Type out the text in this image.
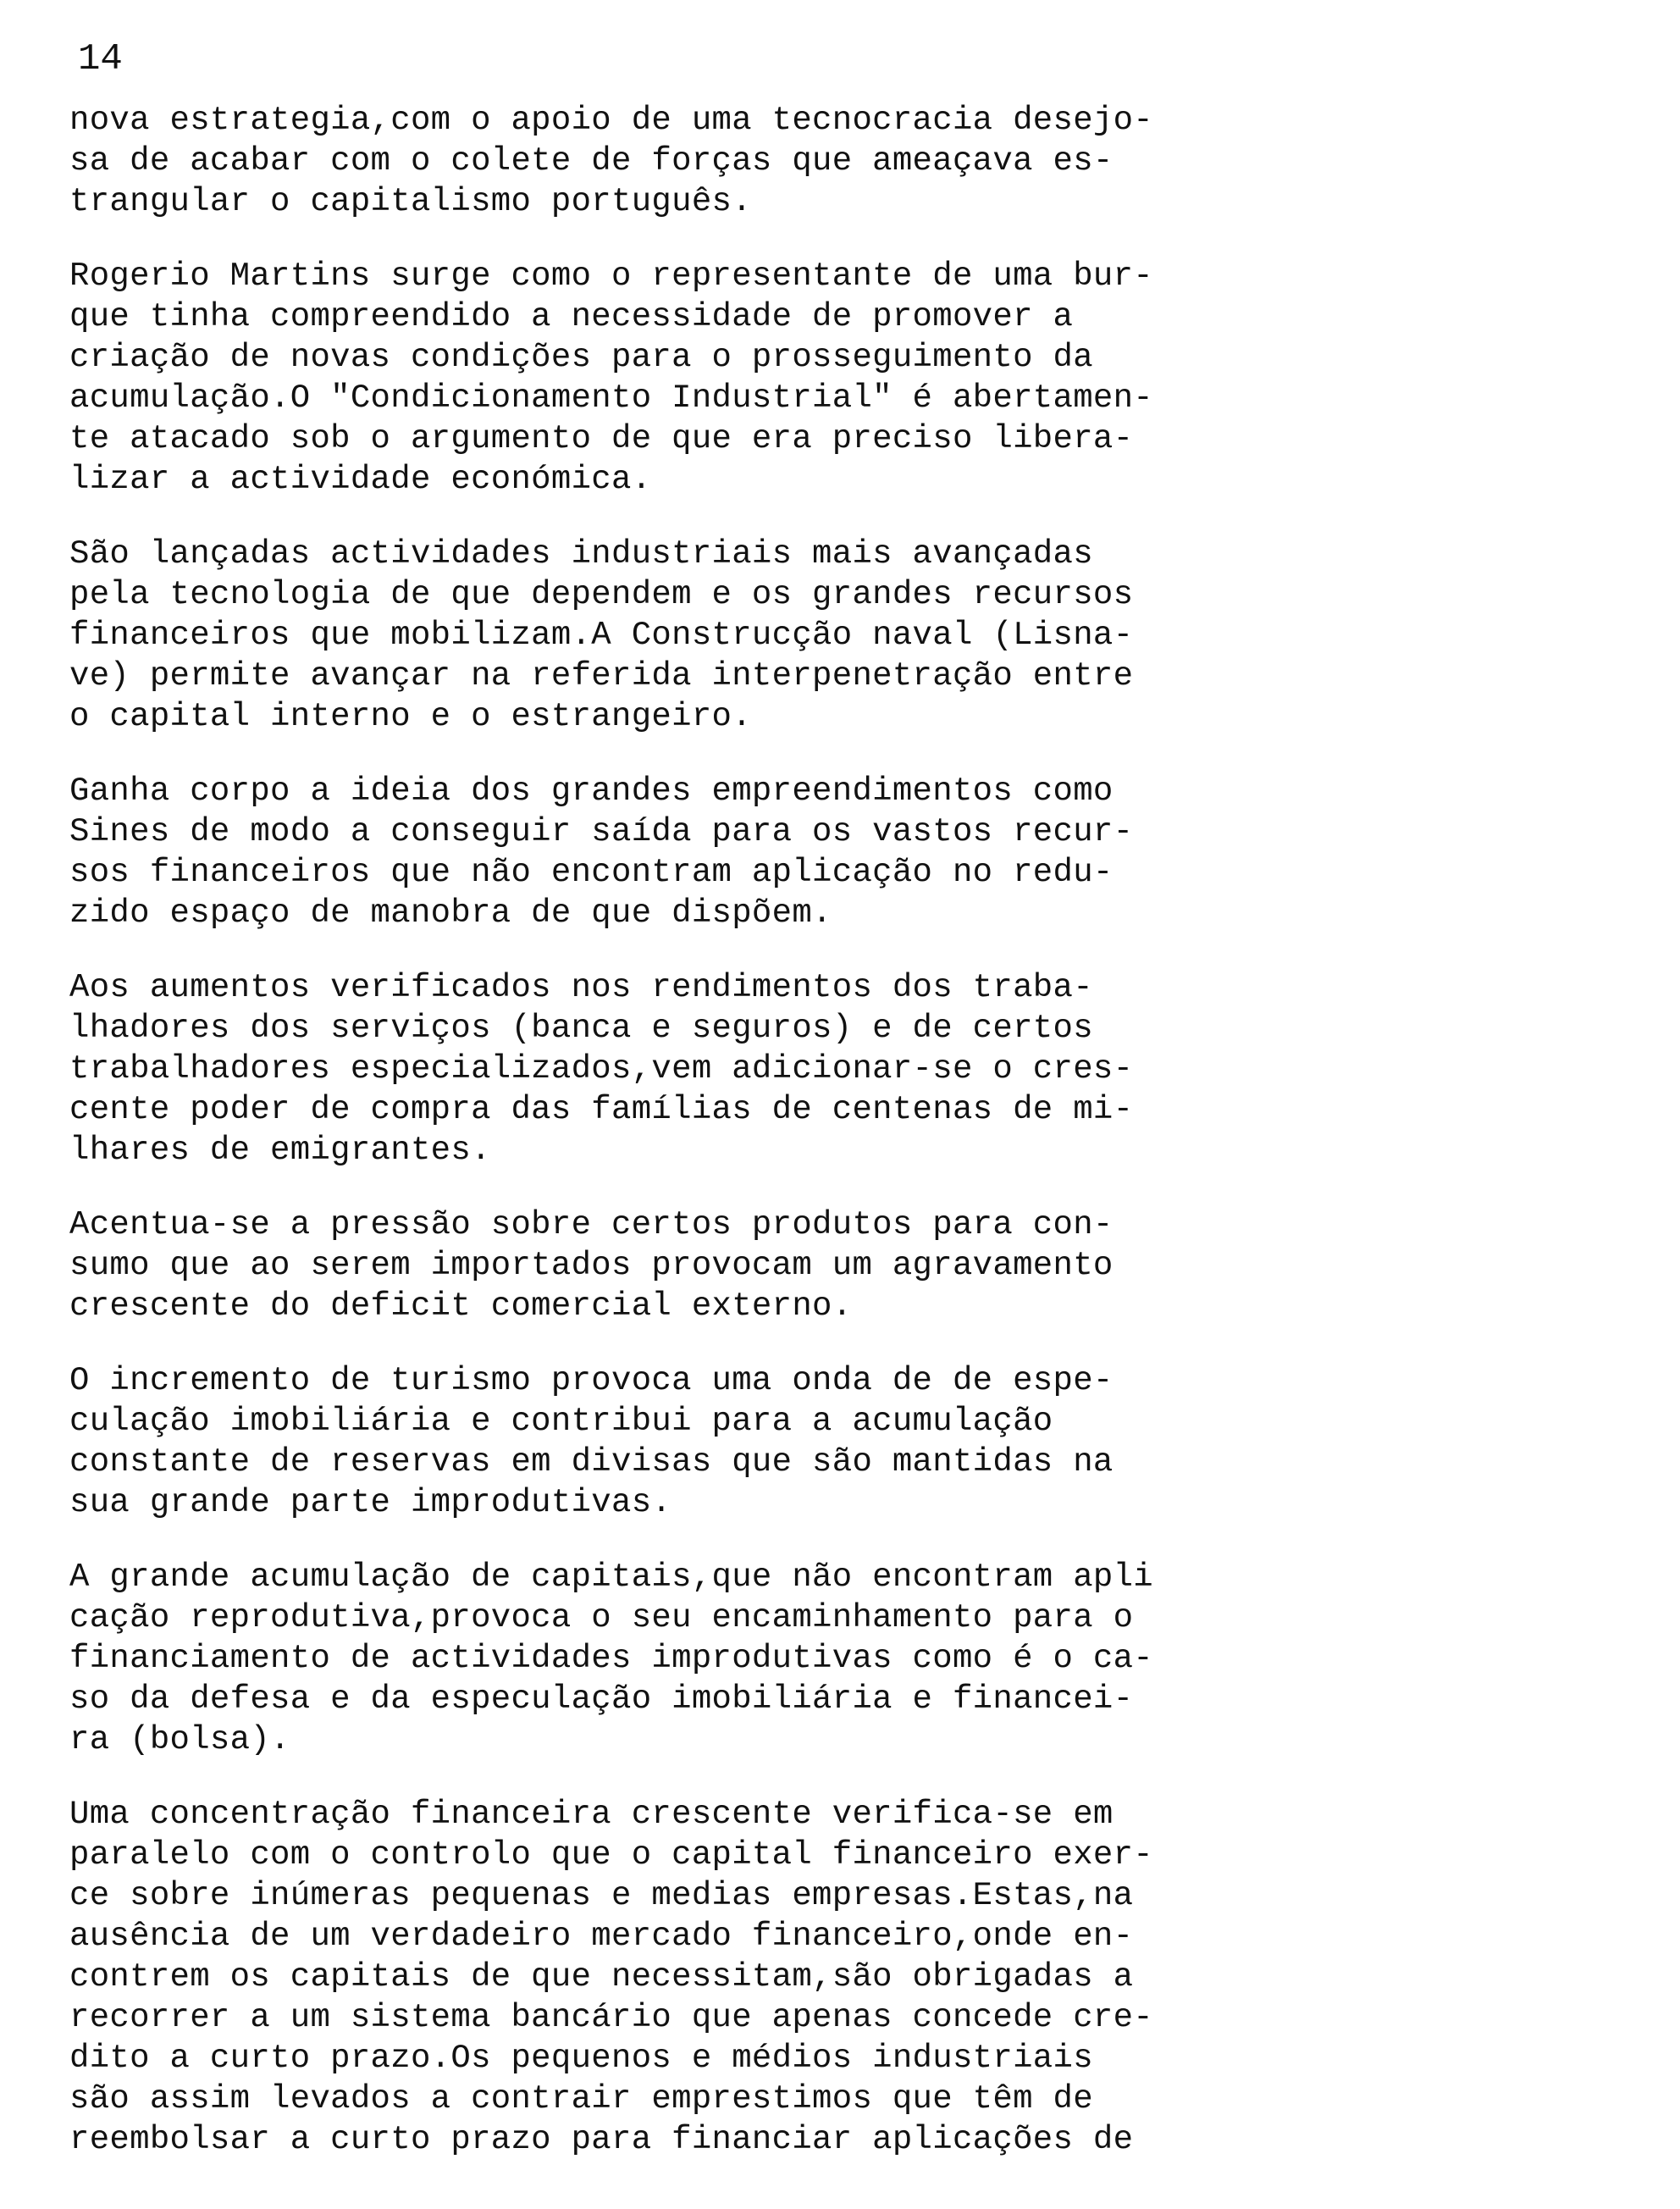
14

nova estrategia,com o apoio de uma tecnocracia desejo-
sa de acabar com o colete de forças que ameaçava es-
trangular o capitalismo português.

Rogerio Martins surge como o representante de uma bur-
que tinha compreendido a necessidade de promover a
criação de novas condições para o prosseguimento da
acumulação.O "Condicionamento Industrial" é abertamen-
te atacado sob o argumento de que era preciso libera-
lizar a actividade económica.

São lançadas actividades industriais mais avançadas
pela tecnologia de que dependem e os grandes recursos
financeiros que mobilizam.A Construcção naval (Lisna-
ve) permite avançar na referida interpenetração entre
o capital interno e o estrangeiro.

Ganha corpo a ideia dos grandes empreendimentos como
Sines de modo a conseguir saída para os vastos recur-
sos financeiros que não encontram aplicação no redu-
zido espaço de manobra de que dispõem.

Aos aumentos verificados nos rendimentos dos traba-
lhadores dos serviços (banca e seguros) e de certos
trabalhadores especializados,vem adicionar-se o cres-
cente poder de compra das famílias de centenas de mi-
lhares de emigrantes.

Acentua-se a pressão sobre certos produtos para con-
sumo que ao serem importados provocam um agravamento
crescente do deficit comercial externo.

O incremento de turismo provoca uma onda de de espe-
culação imobiliária e contribui para a acumulação
constante de reservas em divisas que são mantidas na
sua grande parte improdutivas.

A grande acumulação de capitais,que não encontram apli
cação reprodutiva,provoca o seu encaminhamento para o
financiamento de actividades improdutivas como é o ca-
so da defesa e da especulação imobiliária e financei-
ra (bolsa).

Uma concentração financeira crescente verifica-se em
paralelo com o controlo que o capital financeiro exer-
ce sobre inúmeras pequenas e medias empresas.Estas,na
ausência de um verdadeiro mercado financeiro,onde en-
contrem os capitais de que necessitam,são obrigadas a
recorrer a um sistema bancário que apenas concede cre-
dito a curto prazo.Os pequenos e médios industriais
são assim levados a contrair emprestimos que têm de
reembolsar a curto prazo para financiar aplicações de
